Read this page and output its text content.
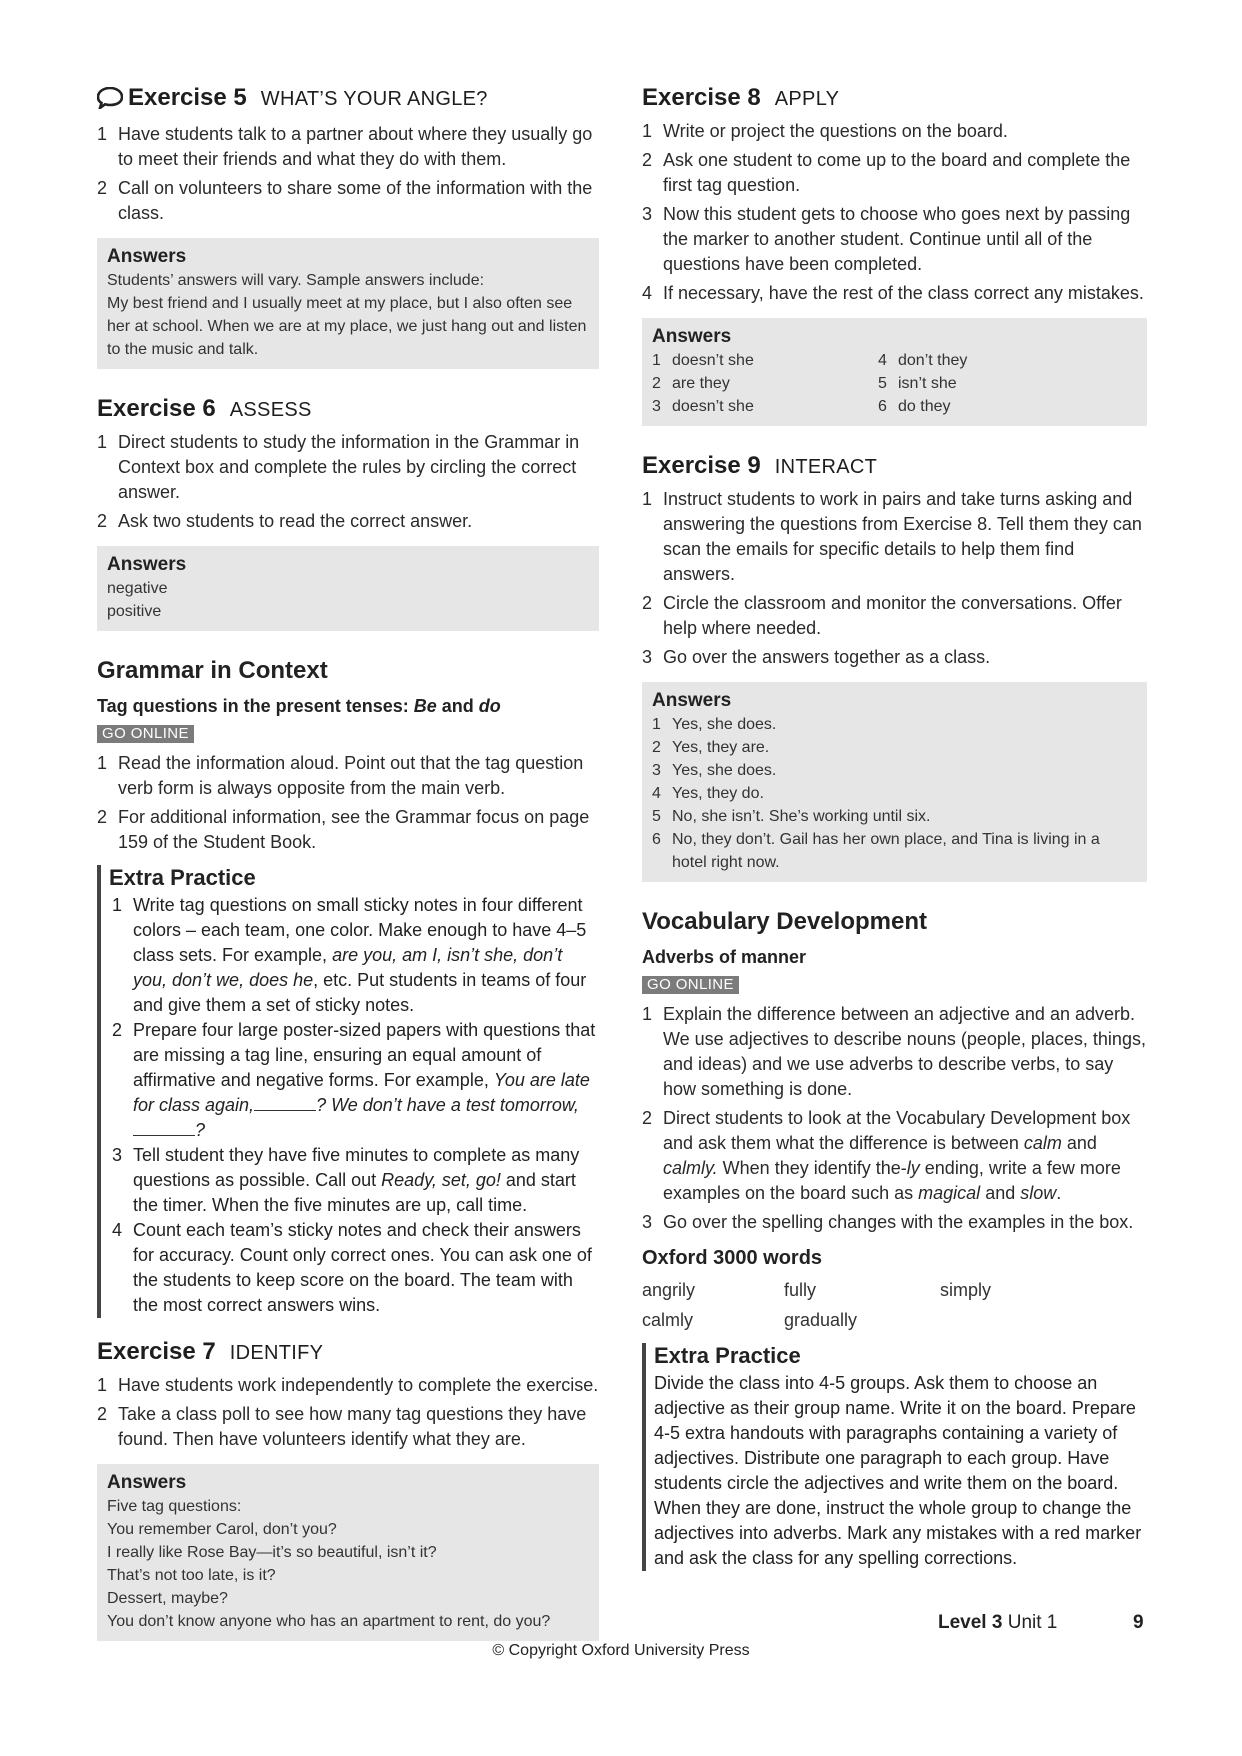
Exercise 5 WHAT’S YOUR ANGLE?
1 Have students talk to a partner about where they usually go to meet their friends and what they do with them.
2 Call on volunteers to share some of the information with the class.
Answers
Students’ answers will vary. Sample answers include:
My best friend and I usually meet at my place, but I also often see her at school. When we are at my place, we just hang out and listen to the music and talk.
Exercise 6 ASSESS
1 Direct students to study the information in the Grammar in Context box and complete the rules by circling the correct answer.
2 Ask two students to read the correct answer.
Answers
negative
positive
Grammar in Context
Tag questions in the present tenses: Be and do
GO ONLINE
1 Read the information aloud. Point out that the tag question verb form is always opposite from the main verb.
2 For additional information, see the Grammar focus on page 159 of the Student Book.
Extra Practice
1 Write tag questions on small sticky notes in four different colors – each team, one color. Make enough to have 4–5 class sets. For example, are you, am I, isn’t she, don’t you, don’t we, does he, etc. Put students in teams of four and give them a set of sticky notes.
2 Prepare four large poster-sized papers with questions that are missing a tag line, ensuring an equal amount of affirmative and negative forms. For example, You are late for class again,	? We don’t have a test tomorrow,?
3 Tell student they have five minutes to complete as many questions as possible. Call out Ready, set, go! and start the timer. When the five minutes are up, call time.
4 Count each team’s sticky notes and check their answers for accuracy. Count only correct ones. You can ask one of the students to keep score on the board. The team with the most correct answers wins.
Exercise 7 IDENTIFY
1 Have students work independently to complete the exercise.
2 Take a class poll to see how many tag questions they have found. Then have volunteers identify what they are.
Answers
Five tag questions:
You remember Carol, don’t you?
I really like Rose Bay—it’s so beautiful, isn’t it?
That’s not too late, is it?
Dessert, maybe?
You don’t know anyone who has an apartment to rent, do you?
Exercise 8 APPLY
1 Write or project the questions on the board.
2 Ask one student to come up to the board and complete the first tag question.
3 Now this student gets to choose who goes next by passing the marker to another student. Continue until all of the questions have been completed.
4 If necessary, have the rest of the class correct any mistakes.
Answers
1 doesn’t she	4 don’t they
2 are they	5 isn’t she
3 doesn’t she	6 do they
Exercise 9 INTERACT
1 Instruct students to work in pairs and take turns asking and answering the questions from Exercise 8. Tell them they can scan the emails for specific details to help them find answers.
2 Circle the classroom and monitor the conversations. Offer help where needed.
3 Go over the answers together as a class.
Answers
1 Yes, she does.
2 Yes, they are.
3 Yes, she does.
4 Yes, they do.
5 No, she isn’t. She’s working until six.
6 No, they don’t. Gail has her own place, and Tina is living in a hotel right now.
Vocabulary Development
Adverbs of manner
GO ONLINE
1 Explain the difference between an adjective and an adverb. We use adjectives to describe nouns (people, places, things, and ideas) and we use adverbs to describe verbs, to say how something is done.
2 Direct students to look at the Vocabulary Development box and ask them what the difference is between calm and calmly. When they identify the-ly ending, write a few more examples on the board such as magical and slow.
3 Go over the spelling changes with the examples in the box.
Oxford 3000 words
angrily	fully	simply
calmly	gradually
Extra Practice

Divide the class into 4-5 groups. Ask them to choose an adjective as their group name. Write it on the board. Prepare 4-5 extra handouts with paragraphs containing a variety of adjectives. Distribute one paragraph to each group. Have students circle the adjectives and write them on the board. When they are done, instruct the whole group to change the adjectives into adverbs. Mark any mistakes with a red marker and ask the class for any spelling corrections.

Level 3 Unit 1	9
© Copyright Oxford University Press
